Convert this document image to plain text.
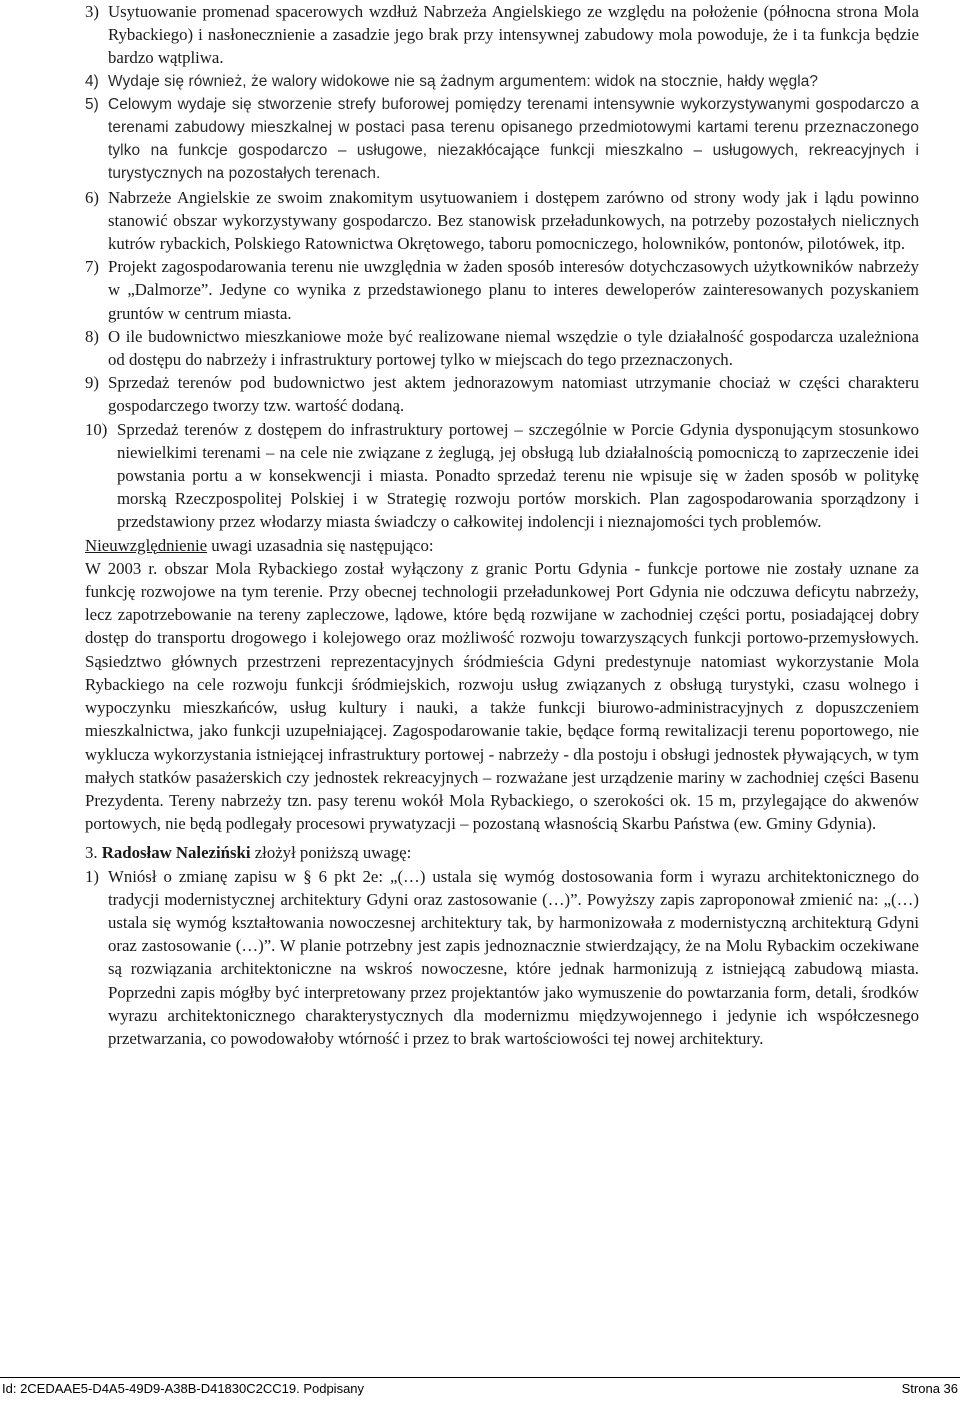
3) Usytuowanie promenad spacerowych wzdłuż Nabrzeża Angielskiego ze względu na położenie (północna strona Mola Rybackiego) i nasłonecznienie a zasadzie jego brak przy intensywnej zabudowy mola powoduje, że i ta funkcja będzie bardzo wątpliwa.

4) Wydaje się również, że walory widokowe nie są żadnym argumentem: widok na stocznie, hałdy węgla?

5) Celowym wydaje się stworzenie strefy buforowej pomiędzy terenami intensywnie wykorzystywanymi gospodarczo a terenami zabudowy mieszkalnej w postaci pasa terenu opisanego przedmiotowymi kartami terenu przeznaczonego tylko na funkcje gospodarczo – usługowe, niezakłócające funkcji mieszkalno – usługowych, rekreacyjnych i turystycznych na pozostałych terenach.

6) Nabrzeże Angielskie ze swoim znakomitym usytuowaniem i dostępem zarówno od strony wody jak i lądu powinno stanowić obszar wykorzystywany gospodarczo. Bez stanowisk przeładunkowych, na potrzeby pozostałych nielicznych kutrów rybackich, Polskiego Ratownictwa Okrętowego, taboru pomocniczego, holowników, pontonów, pilotówek, itp.

7) Projekt zagospodarowania terenu nie uwzględnia w żaden sposób interesów dotychczasowych użytkowników nabrzeży w „Dalmorze”. Jedyne co wynika z przedstawionego planu to interes deweloperów zainteresowanych pozyskaniem gruntów w centrum miasta.

8) O ile budownictwo mieszkaniowe może być realizowane niemal wszędzie o tyle działalność gospodarcza uzależniona od dostępu do nabrzeży i infrastruktury portowej tylko w miejscach do tego przeznaczonych.

9) Sprzedaż terenów pod budownictwo jest aktem jednorazowym natomiast utrzymanie chociaż w części charakteru gospodarczego tworzy tzw. wartość dodaną.

10) Sprzedaż terenów z dostępem do infrastruktury portowej – szczególnie w Porcie Gdynia dysponującym stosunkowo niewielkimi terenami – na cele nie związane z żeglugą, jej obsługą lub działalnością pomocniczą to zaprzeczenie idei powstania portu a w konsekwencji i miasta. Ponadto sprzedaż terenu nie wpisuje się w żaden sposób w politykę morską Rzeczpospolitej Polskiej i w Strategię rozwoju portów morskich. Plan zagospodarowania sporządzony i przedstawiony przez włodarzy miasta świadczy o całkowitej indolencji i nieznajomości tych problemów.

Nieuwzględnienie uwagi uzasadnia się następująco:

W 2003 r. obszar Mola Rybackiego został wyłączony z granic Portu Gdynia - funkcje portowe nie zostały uznane za funkcję rozwojowe na tym terenie. Przy obecnej technologii przeładunkowej Port Gdynia nie odczuwa deficytu nabrzeży, lecz zapotrzebowanie na tereny zapleczowe, lądowe, które będą rozwijane w zachodniej części portu, posiadającej dobry dostęp do transportu drogowego i kolejowego oraz możliwość rozwoju towarzyszących funkcji portowo-przemysłowych. Sąsiedztwo głównych przestrzeni reprezentacyjnych śródmieścia Gdyni predestynuje natomiast wykorzystanie Mola Rybackiego na cele rozwoju funkcji śródmiejskich, rozwoju usług związanych z obsługą turystyki, czasu wolnego i wypoczynku mieszkańców, usług kultury i nauki, a także funkcji biurowo-administracyjnych z dopuszczeniem mieszkalnictwa, jako funkcji uzupełniającej. Zagospodarowanie takie, będące formą rewitalizacji terenu poportowego, nie wyklucza wykorzystania istniejącej infrastruktury portowej - nabrzeży - dla postoju i obsługi jednostek pływających, w tym małych statków pasażerskich czy jednostek rekreacyjnych – rozważane jest urządzenie mariny w zachodniej części Basenu Prezydenta. Tereny nabrzeży tzn. pasy terenu wokół Mola Rybackiego, o szerokości ok. 15 m, przylegające do akwenów portowych, nie będą podlegały procesowi prywatyzacji – pozostaną własnością Skarbu Państwa (ew. Gminy Gdynia).

3. Radosław Naleziński złożył poniższą uwagę:

1) Wniósł o zmianę zapisu w § 6 pkt 2e: „(…) ustala się wymóg dostosowania form i wyrazu architektonicznego do tradycji modernistycznej architektury Gdyni oraz zastosowanie (…)”. Powyższy zapis zaproponował zmienić na: „(…) ustala się wymóg kształtowania nowoczesnej architektury tak, by harmonizowała z modernistyczną architekturą Gdyni oraz zastosowanie (…)”. W planie potrzebny jest zapis jednoznacznie stwierdzający, że na Molu Rybackim oczekiwane są rozwiązania architektoniczne na wskroś nowoczesne, które jednak harmonizują z istniejącą zabudową miasta. Poprzedni zapis mógłby być interpretowany przez projektantów jako wymuszenie do powtarzania form, detali, środków wyrazu architektonicznego charakterystycznych dla modernizmu międzywojennego i jedynie ich współczesnego przetwarzania, co powodowałoby wtórność i przez to brak wartościowości tej nowej architektury.

Id: 2CEDAAE5-D4A5-49D9-A38B-D41830C2CC19. Podpisany	Strona 36
